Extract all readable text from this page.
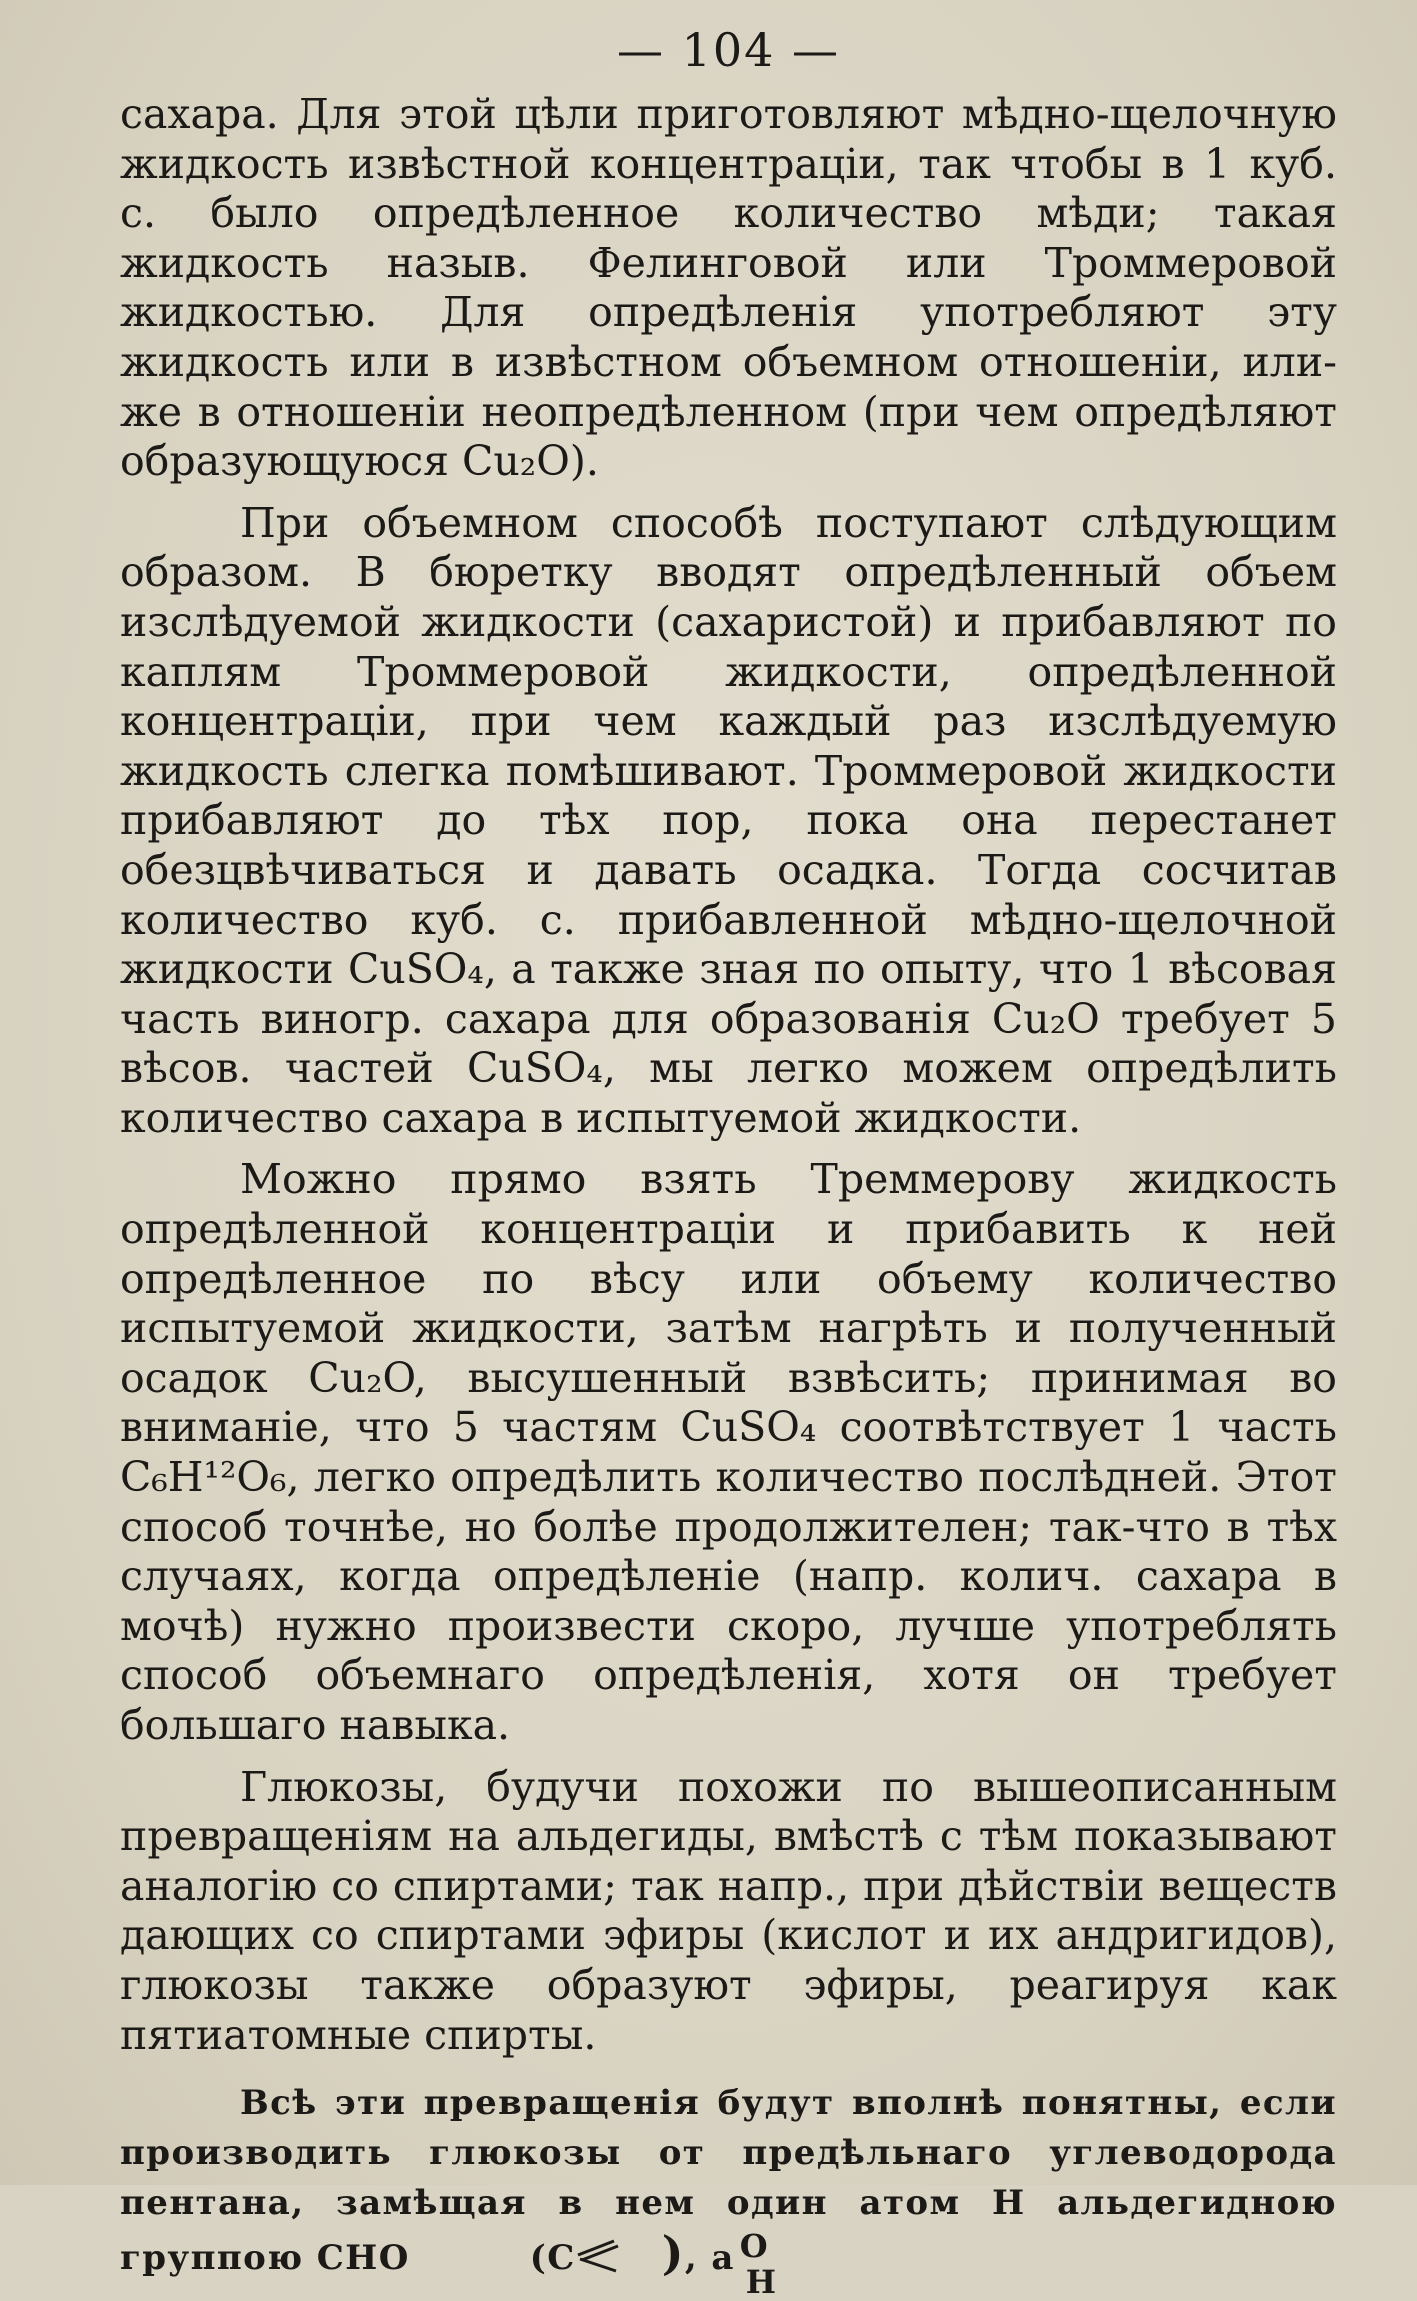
— 104 —

сахара. Для этой цѣли приготовляют мѣдно-щелочную жидкость извѣстной концентраціи, так чтобы в 1 куб. с. было опредѣленное количество мѣди; такая жидкость назыв. Фелинговой или Троммеровой жидкостью. Для опредѣленія употребляют эту жидкость или в извѣстном объемном отношеніи, или-же в отношеніи неопредѣленном (при чем опредѣляют образующуюся Cu₂O).

При объемном способѣ поступают слѣдующим образом. В бюретку вводят опредѣленный объем изслѣдуемой жидкости (сахаристой) и прибавляют по каплям Троммеровой жидкости, опредѣленной концентраціи, при чем каждый раз изслѣдуемую жидкость слегка помѣшивают. Троммеровой жидкости прибавляют до тѣх пор, пока она перестанет обезцвѣчиваться и давать осадка. Тогда сосчитав количество куб. с. прибавленной мѣдно-щелочной жидкости CuSO₄, а также зная по опыту, что 1 вѣсовая часть виногр. сахара для образованія Cu₂O требует 5 вѣсов. частей CuSO₄, мы легко можем опредѣлить количество сахара в испытуемой жидкости.

Можно прямо взять Треммерову жидкость опредѣленной концентраціи и прибавить к ней опредѣленное по вѣсу или объему количество испытуемой жидкости, затѣм нагрѣть и полученный осадок Cu₂O, высушенный взвѣсить; принимая во вниманіе, что 5 частям CuSO₄ соотвѣтствует 1 часть C₆H¹²O₆, легко опредѣлить количество послѣдней. Этот способ точнѣе, но болѣе продолжителен; так-что в тѣх случаях, когда опредѣленіе (напр. колич. сахара в мочѣ) нужно произвести скоро, лучше употреблять способ объемнаго опредѣленія, хотя он требует большаго навыка.

Глюкозы, будучи похожи по вышеописанным превращеніям на альдегиды, вмѣстѣ с тѣм показывают аналогію со спиртами; так напр., при дѣйствіи веществ дающих со спиртами эфиры (кислот и их андригидов), глюкозы также образуют эфиры, реагируя как пятиатомные спирты.

Всѣ эти превращенія будут вполнѣ понятны, если производить глюкозы от предѣльнаго углеводорода пентана, замѣщая в нем один атом H альдегидною группою CHO	(C	O
H
), а
